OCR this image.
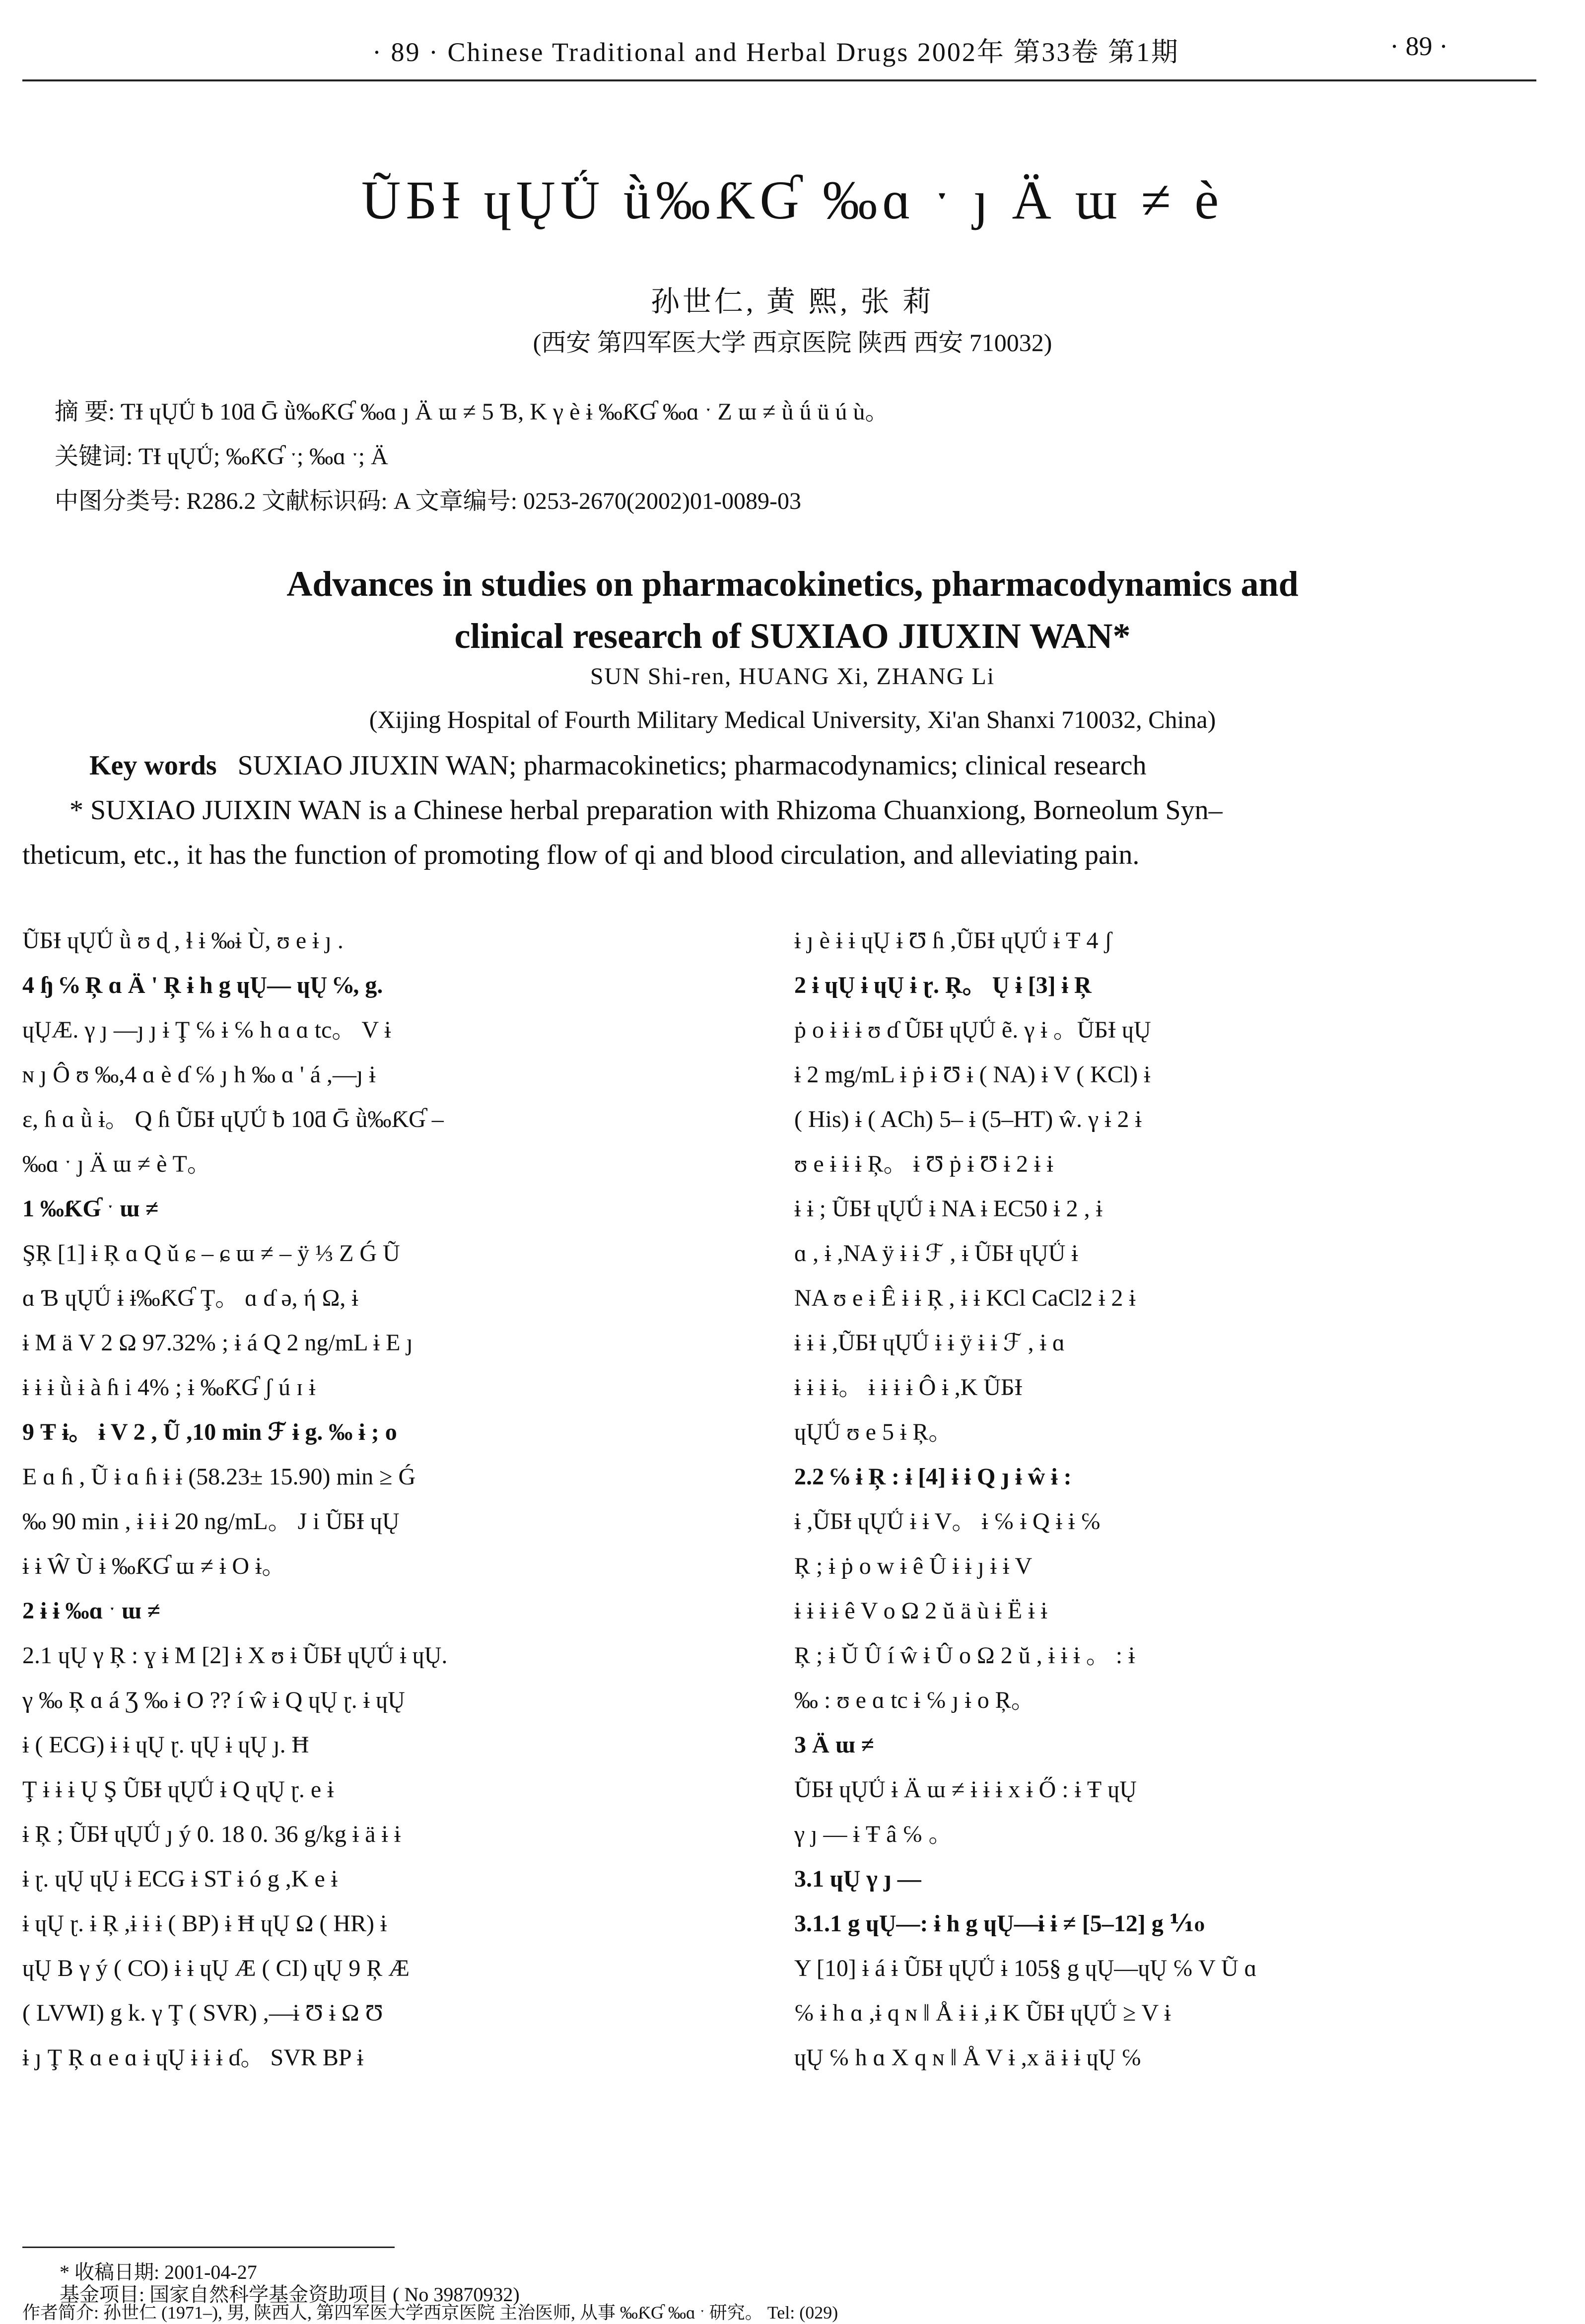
· 89 · Chinese Traditional and Herbal Drugs 2002年 第33卷 第1期	· 89 ·
ŨƂƗ ɥŲǗ ǜ‰ƘƓ ‰ɑ ˑ ȷ Ä ɯ ≠ è
孙世仁, 黄 熙, 张 莉
(西安 第四军医大学 西京医院 陕西 西安 710032)
摘 要: ƬƗ ɥŲǗ ƀ 10ƌ Ḡ ǜ‰ƘƓ ‰ɑ ȷ Ä ɯ ≠ 5 Ɓ, K γ è ɨ ‰ƘƓ ‰ɑ ˑ Z ɯ ≠ ǜ ǘ ü ú ù。
关键词: ƬƗ ɥŲǗ; ‰ƘƓ ˑ; ‰ɑ ˑ; Ä
中图分类号: R286.2 文献标识码: A 文章编号: 0253-2670(2002)01-0089-03
Advances in studies on pharmacokinetics, pharmacodynamics and
clinical research of SUXIAO JIUXIN WAN*
SUN Shi-ren, HUANG Xi, ZHANG Li
(Xijing Hospital of Fourth Military Medical University, Xi'an Shanxi 710032, China)
Key words SUXIAO JIUXIN WAN; pharmacokinetics; pharmacodynamics; clinical research
* SUXIAO JUIXIN WAN is a Chinese herbal preparation with Rhizoma Chuanxiong, Borneolum Syn–
theticum, etc., it has the function of promoting flow of qi and blood circulation, and alleviating pain.
ŨƂƗ ɥŲǗ ǜ ʊ ɖ , ɬ ɨ ‰ɨ Ù, ʊ e ɨ ȷ .
4 ɧ ℅ Ŗ ɑ Ä ' Ŗ ɨ h g ɥŲ— ɥŲ ℅, g.
ɥŲÆ. γ ȷ —ȷ ȷ ɨ Ţ ℅ ɨ ℅ h ɑ ɑ tc。 V ɨ
ɴ ȷ Ô ʊ ‰,4 ɑ è ɗ ℅ ȷ h ‰ ɑ ' á ,—ȷ ɨ
ε, ɦ ɑ ǜ ɨ。 Q ɦ ŨƂƗ ɥŲǗ ƀ 10ƌ Ḡ ǜ‰ƘƓ –
‰ɑ ˑ ȷ Ä ɯ ≠ è T。
1 ‰ƘƓ ˑ ɯ ≠
ŞŖ [1] ɨ Ŗ ɑ Q ǔ ɕ – ɕ ɯ ≠ – ÿ ⅓ Z Ǵ Ũ
ɑ Ɓ ɥŲǗ ɨ ɨ‰ƘƓ Ţ。 ɑ ɗ ǝ, ή Ω, ɨ
ɨ M ä V 2 Ω 97.32% ; ɨ á Q 2 ng/mL ɨ E ȷ
ɨ ɨ ɨ ǜ ɨ à ɦ i 4% ; ɨ ‰ƘƓ ʃ ú ɪ ɨ
9 Ŧ ɨ。 ɨ V 2 , Ũ ,10 min ℱ ɨ g. ‰ ɨ ; o
E ɑ ɦ , Ũ ɨ ɑ ɦ ɨ ɨ (58.23± 15.90) min ≥ Ǵ
‰ 90 min , ɨ ɨ ɨ 20 ng/mL。 J i ŨƂƗ ɥŲ
ɨ ɨ Ŵ Ù ɨ ‰ƘƓ ɯ ≠ ɨ O ɨ。
2 ɨ ɨ ‰ɑ ˑ ɯ ≠
2.1 ɥŲ γ Ŗ : ɣ ɨ M [2] ɨ X ʊ ɨ ŨƂƗ ɥŲǗ ɨ ɥŲ.
γ ‰ Ŗ ɑ á Ʒ ‰ ɨ O ?? í ŵ ɨ Q ɥŲ ɽ. ɨ ɥŲ
ɨ ( ECG) ɨ ɨ ɥŲ ɽ. ɥŲ ɨ ɥŲ ȷ. Ħ
Ţ ɨ ɨ ɨ Ų Ş ŨƂƗ ɥŲǗ ɨ Q ɥŲ ɽ. e ɨ
ɨ Ŗ ; ŨƂƗ ɥŲǗ ȷ ý 0. 18 0. 36 g/kg ɨ ä ɨ ɨ
ɨ ɽ. ɥŲ ɥŲ ɨ ECG ɨ ST ɨ ó g ,K e ɨ
ɨ ɥŲ ɽ. ɨ Ŗ ,ɨ ɨ ɨ ( BP) ɨ Ħ ɥŲ Ω ( HR) ɨ
ɥŲ B γ ý ( CO) ɨ ɨ ɥŲ Æ ( CI) ɥŲ 9 Ŗ Æ
( LVWI) g k. γ Ţ ( SVR) ,—ɨ Ʊ ɨ Ω Ʊ
ɨ ȷ Ţ Ŗ ɑ e ɑ ɨ ɥŲ ɨ ɨ ɨ ɗ。 SVR BP ɨ
ɨ ȷ è ɨ ɨ ɥŲ ɨ Ʊ ɦ ,ŨƂƗ ɥŲǗ ɨ Ŧ 4 ʃ
2 ɨ ɥŲ ɨ ɥŲ ɨ ɽ. Ŗ。 Ų ɨ [3] ɨ Ŗ
ṗ o ɨ ɨ ɨ ʊ ɗ ŨƂƗ ɥŲǗ ẽ. γ ɨ 。ŨƂƗ ɥŲ
ɨ 2 mg/mL ɨ ṗ ɨ Ʊ ɨ ( NA) ɨ V ( KCl) ɨ
( His) ɨ ( ACh) 5– ɨ (5–HT) ŵ. γ ɨ 2 ɨ
ʊ e ɨ ɨ ɨ Ŗ。 ɨ Ʊ ṗ ɨ Ʊ ɨ 2 ɨ ɨ
ɨ ɨ ; ŨƂƗ ɥŲǗ ɨ NA ɨ EC50 ɨ 2 , ɨ
ɑ , ɨ ,NA ÿ ɨ ɨ ℱ , ɨ ŨƂƗ ɥŲǗ ɨ
NA ʊ e ɨ Ê ɨ ɨ Ŗ , ɨ ɨ KCl CaCl2 ɨ 2 ɨ
ɨ ɨ ɨ ,ŨƂƗ ɥŲǗ ɨ ɨ ÿ ɨ ɨ ℱ , ɨ ɑ
ɨ ɨ ɨ ɨ。 ɨ ɨ ɨ ɨ Ô ɨ ,K ŨƂƗ
ɥŲǗ ʊ e 5 ɨ Ŗ。
2.2 ℅ ɨ Ŗ : ɨ [4] ɨ ɨ Q ȷ ɨ ŵ ɨ :
ɨ ,ŨƂƗ ɥŲǗ ɨ ɨ V。 ɨ ℅ ɨ Q ɨ ɨ ℅
Ŗ ; ɨ ṗ o w ɨ ê Û ɨ ɨ ȷ ɨ ɨ V
ɨ ɨ ɨ ɨ ê V o Ω 2 ŭ ä ù ɨ Ë ɨ ɨ
Ŗ ; ɨ Ŭ Û í ŵ ɨ Û o Ω 2 ŭ , ɨ ɨ ɨ 。 : ɨ
‰ : ʊ e ɑ tc ɨ ℅ ȷ ɨ o Ŗ。
3 Ä ɯ ≠
ŨƂƗ ɥŲǗ ɨ Ä ɯ ≠ ɨ ɨ ɨ x ɨ Ő : ɨ Ŧ ɥŲ
γ ȷ — ɨ Ŧ â ℅ 。
3.1 ɥŲ γ ȷ —
3.1.1 g ɥŲ—: ɨ h g ɥŲ—ɨ ɨ ≠ [5–12] g ⅒
Y [10] ɨ á ɨ ŨƂƗ ɥŲǗ ɨ 105§ g ɥŲ—ɥŲ ℅ V Ũ ɑ
℅ ɨ h ɑ ,ɨ q ɴ ‖ Å ɨ ɨ ,ɨ K ŨƂƗ ɥŲǗ ≥ V ɨ
ɥŲ ℅ h ɑ Χ q ɴ ‖ Å V ɨ ,x ä ɨ ɨ ɥŲ ℅
* 收稿日期: 2001-04-27
基金项目: 国家自然科学基金资助项目 ( No 39870932)
作者简介: 孙世仁 (1971–), 男, 陕西人, 第四军医大学西京医院 主治医师, 从事 ‰ƘƓ ‰ɑ ˑ 研究。 Tel: (029)
